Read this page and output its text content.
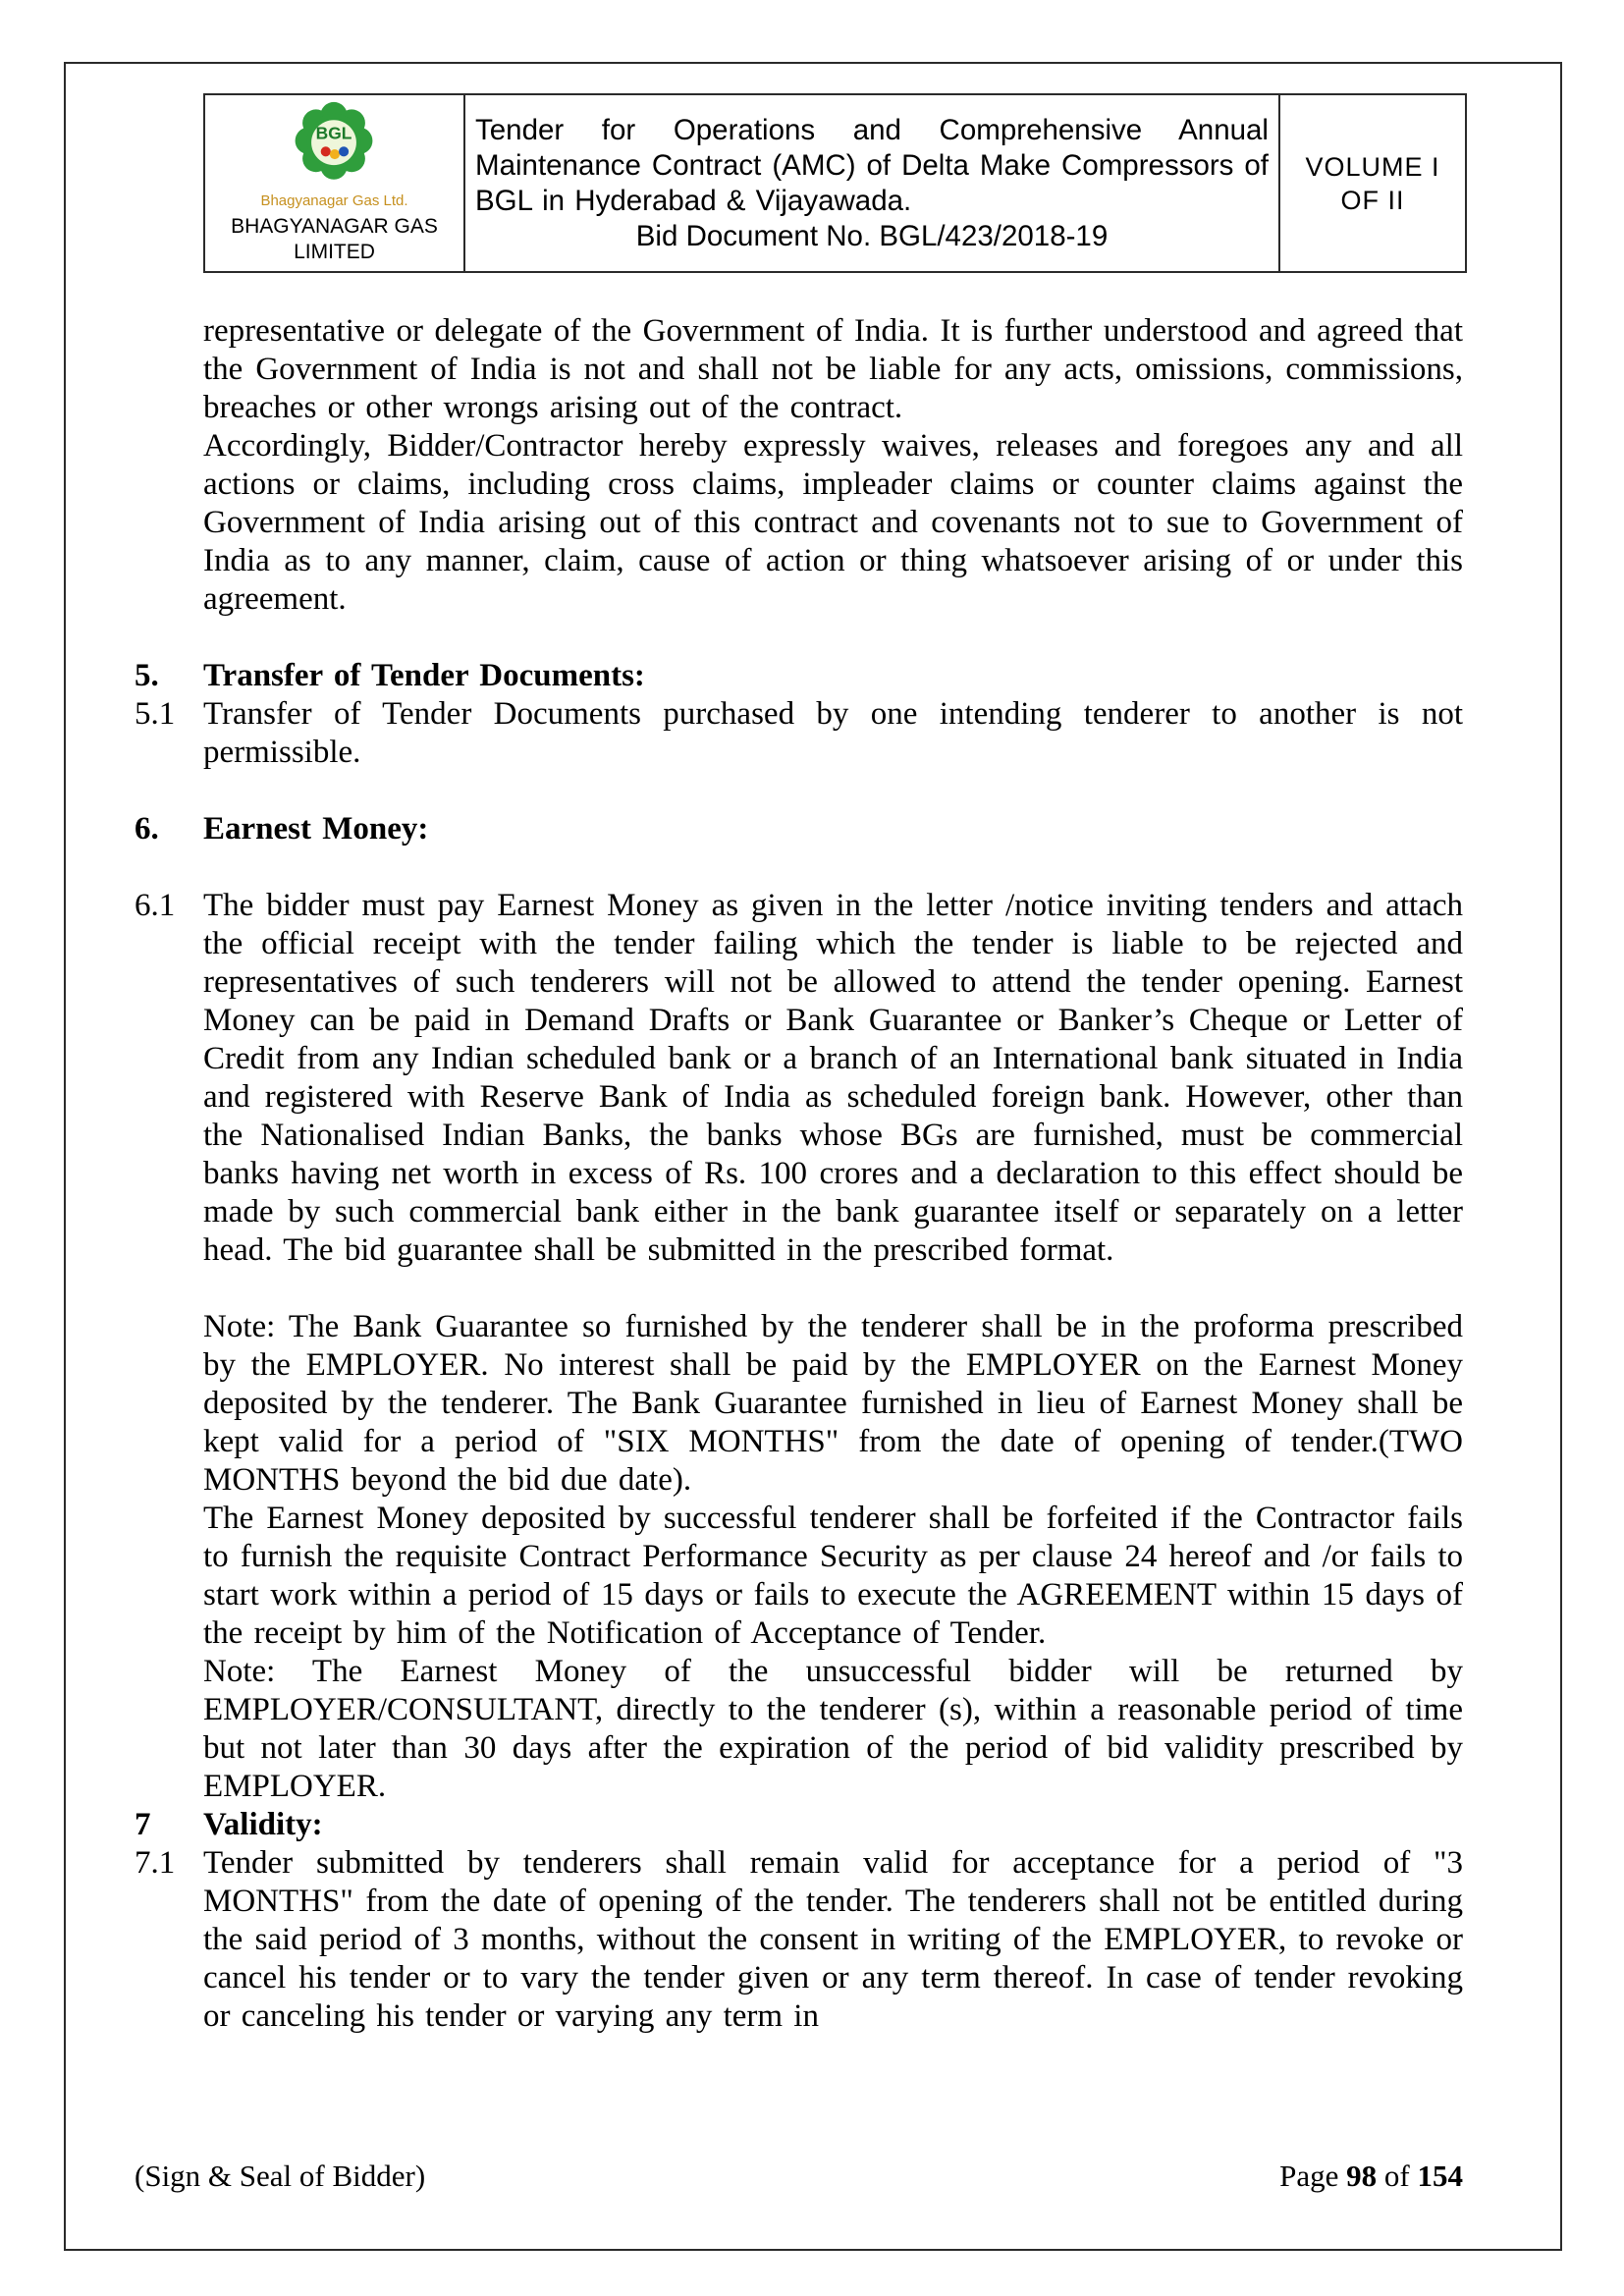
BGL
Bhagyanagar Gas Ltd.
BHAGYANAGAR GAS LIMITED

Tender for Operations and Comprehensive Annual Maintenance Contract (AMC) of Delta Make Compressors of BGL in Hyderabad & Vijayawada.
Bid Document No. BGL/423/2018-19

VOLUME I
OF II
representative or delegate of the Government of India. It is further understood and agreed that the Government of India is not and shall not be liable for any acts, omissions, commissions, breaches or other wrongs arising out of the contract.
Accordingly, Bidder/Contractor hereby expressly waives, releases and foregoes any and all actions or claims, including cross claims, impleader claims or counter claims against the Government of India arising out of this contract and covenants not to sue to Government of India as to any manner, claim, cause of action or thing whatsoever arising of or under this agreement.
5.	Transfer of Tender Documents:
5.1 Transfer of Tender Documents purchased by one intending tenderer to another is not permissible.
6.	Earnest Money:
6.1 The bidder must pay Earnest Money as given in the letter /notice inviting tenders and attach the official receipt with the tender failing which the tender is liable to be rejected and representatives of such tenderers will not be allowed to attend the tender opening. Earnest Money can be paid in Demand Drafts or Bank Guarantee or Banker’s Cheque or Letter of Credit from any Indian scheduled bank or a branch of an International bank situated in India and registered with Reserve Bank of India as scheduled foreign bank. However, other than the Nationalised Indian Banks, the banks whose BGs are furnished, must be commercial banks having net worth in excess of Rs. 100 crores and a declaration to this effect should be made by such commercial bank either in the bank guarantee itself or separately on a letter head. The bid guarantee shall be submitted in the prescribed format.
Note: The Bank Guarantee so furnished by the tenderer shall be in the proforma prescribed by the EMPLOYER. No interest shall be paid by the EMPLOYER on the Earnest Money deposited by the tenderer. The Bank Guarantee furnished in lieu of Earnest Money shall be kept valid for a period of "SIX MONTHS" from the date of opening of tender.(TWO MONTHS beyond the bid due date).
The Earnest Money deposited by successful tenderer shall be forfeited if the Contractor fails to furnish the requisite Contract Performance Security as per clause 24 hereof and /or fails to start work within a period of 15 days or fails to execute the AGREEMENT within 15 days of the receipt by him of the Notification of Acceptance of Tender.
Note: The Earnest Money of the unsuccessful bidder will be returned by EMPLOYER/CONSULTANT, directly to the tenderer (s), within a reasonable period of time but not later than 30 days after the expiration of the period of bid validity prescribed by EMPLOYER.
7	Validity:
7.1 Tender submitted by tenderers shall remain valid for acceptance for a period of "3 MONTHS" from the date of opening of the tender. The tenderers shall not be entitled during the said period of 3 months, without the consent in writing of the EMPLOYER, to revoke or cancel his tender or to vary the tender given or any term thereof. In case of tender revoking or canceling his tender or varying any term in
(Sign & Seal of Bidder)	Page 98 of 154
